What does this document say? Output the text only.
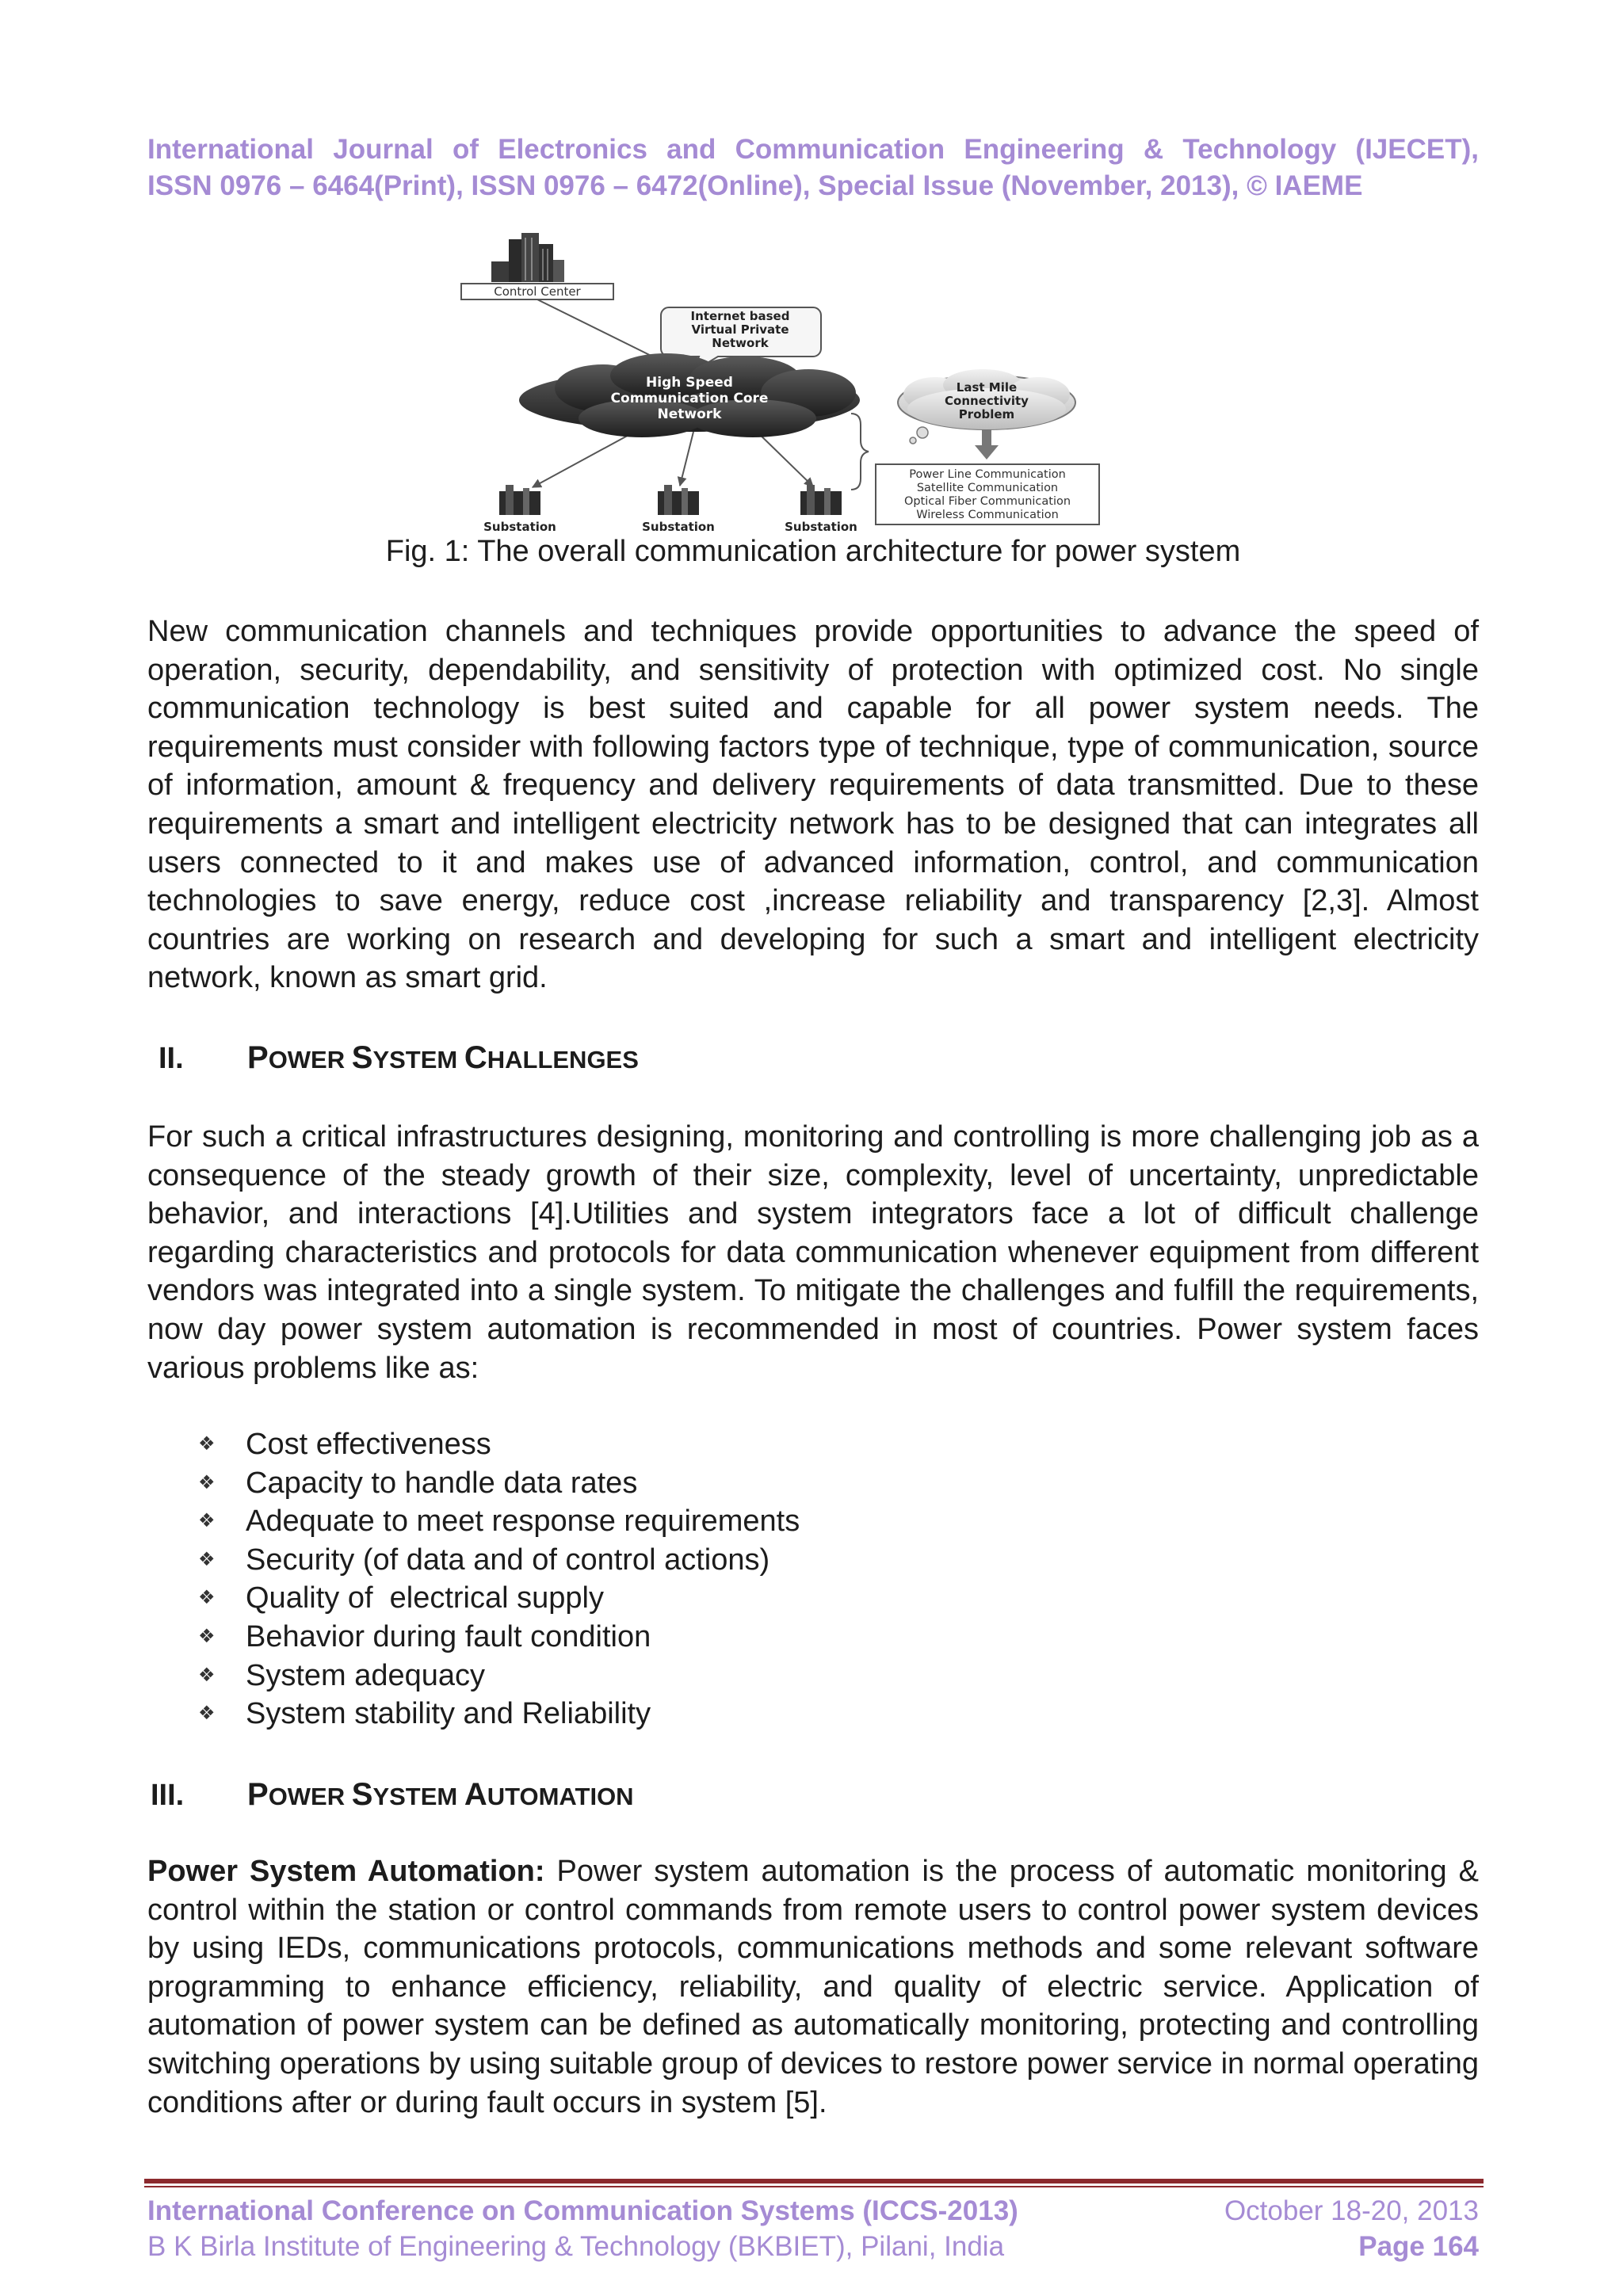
International Journal of Electronics and Communication Engineering & Technology (IJECET),
ISSN 0976 – 6464(Print), ISSN 0976 – 6472(Online), Special Issue (November, 2013), © IAEME
Control Center
Internet based
Virtual Private
Network
High Speed
Communication Core
Network
Last Mile
Connectivity
Problem
Power Line Communication
Satellite Communication
Optical Fiber Communication
Wireless Communication
Substation	Substation	Substation
Fig. 1: The overall communication architecture for power system
New communication channels and techniques provide opportunities to advance the speed of operation, security, dependability, and sensitivity of protection with optimized cost. No single communication technology is best suited and capable for all power system needs. The requirements must consider with following factors type of technique, type of communication, source of information, amount & frequency and delivery requirements of data transmitted. Due to these requirements a smart and intelligent electricity network has to be designed that can integrates all users connected to it and makes use of advanced information, control, and communication technologies to save energy, reduce cost ,increase reliability and transparency [2,3]. Almost countries are working on research and developing for such a smart and intelligent electricity network, known as smart grid.
II. POWER SYSTEM CHALLENGES
For such a critical infrastructures designing, monitoring and controlling is more challenging job as a consequence of the steady growth of their size, complexity, level of uncertainty, unpredictable behavior, and interactions [4].Utilities and system integrators face a lot of difficult challenge regarding characteristics and protocols for data communication whenever equipment from different vendors was integrated into a single system. To mitigate the challenges and fulfill the requirements, now day power system automation is recommended in most of countries. Power system faces various problems like as:
❖	Cost effectiveness
❖	Capacity to handle data rates
❖	Adequate to meet response requirements
❖	Security (of data and of control actions)
❖	Quality of  electrical supply
❖	Behavior during fault condition
❖	System adequacy
❖	System stability and Reliability
III. POWER SYSTEM AUTOMATION
Power System Automation: Power system automation is the process of automatic monitoring & control within the station or control commands from remote users to control power system devices by using IEDs, communications protocols, communications methods and some relevant software programming to enhance efficiency, reliability, and quality of electric service. Application of automation of power system can be defined as automatically monitoring, protecting and controlling switching operations by using suitable group of devices to restore power service in normal operating conditions after or during fault occurs in system [5].
International Conference on Communication Systems (ICCS-2013)	October 18-20, 2013
B K Birla Institute of Engineering & Technology (BKBIET), Pilani, India	Page 164
